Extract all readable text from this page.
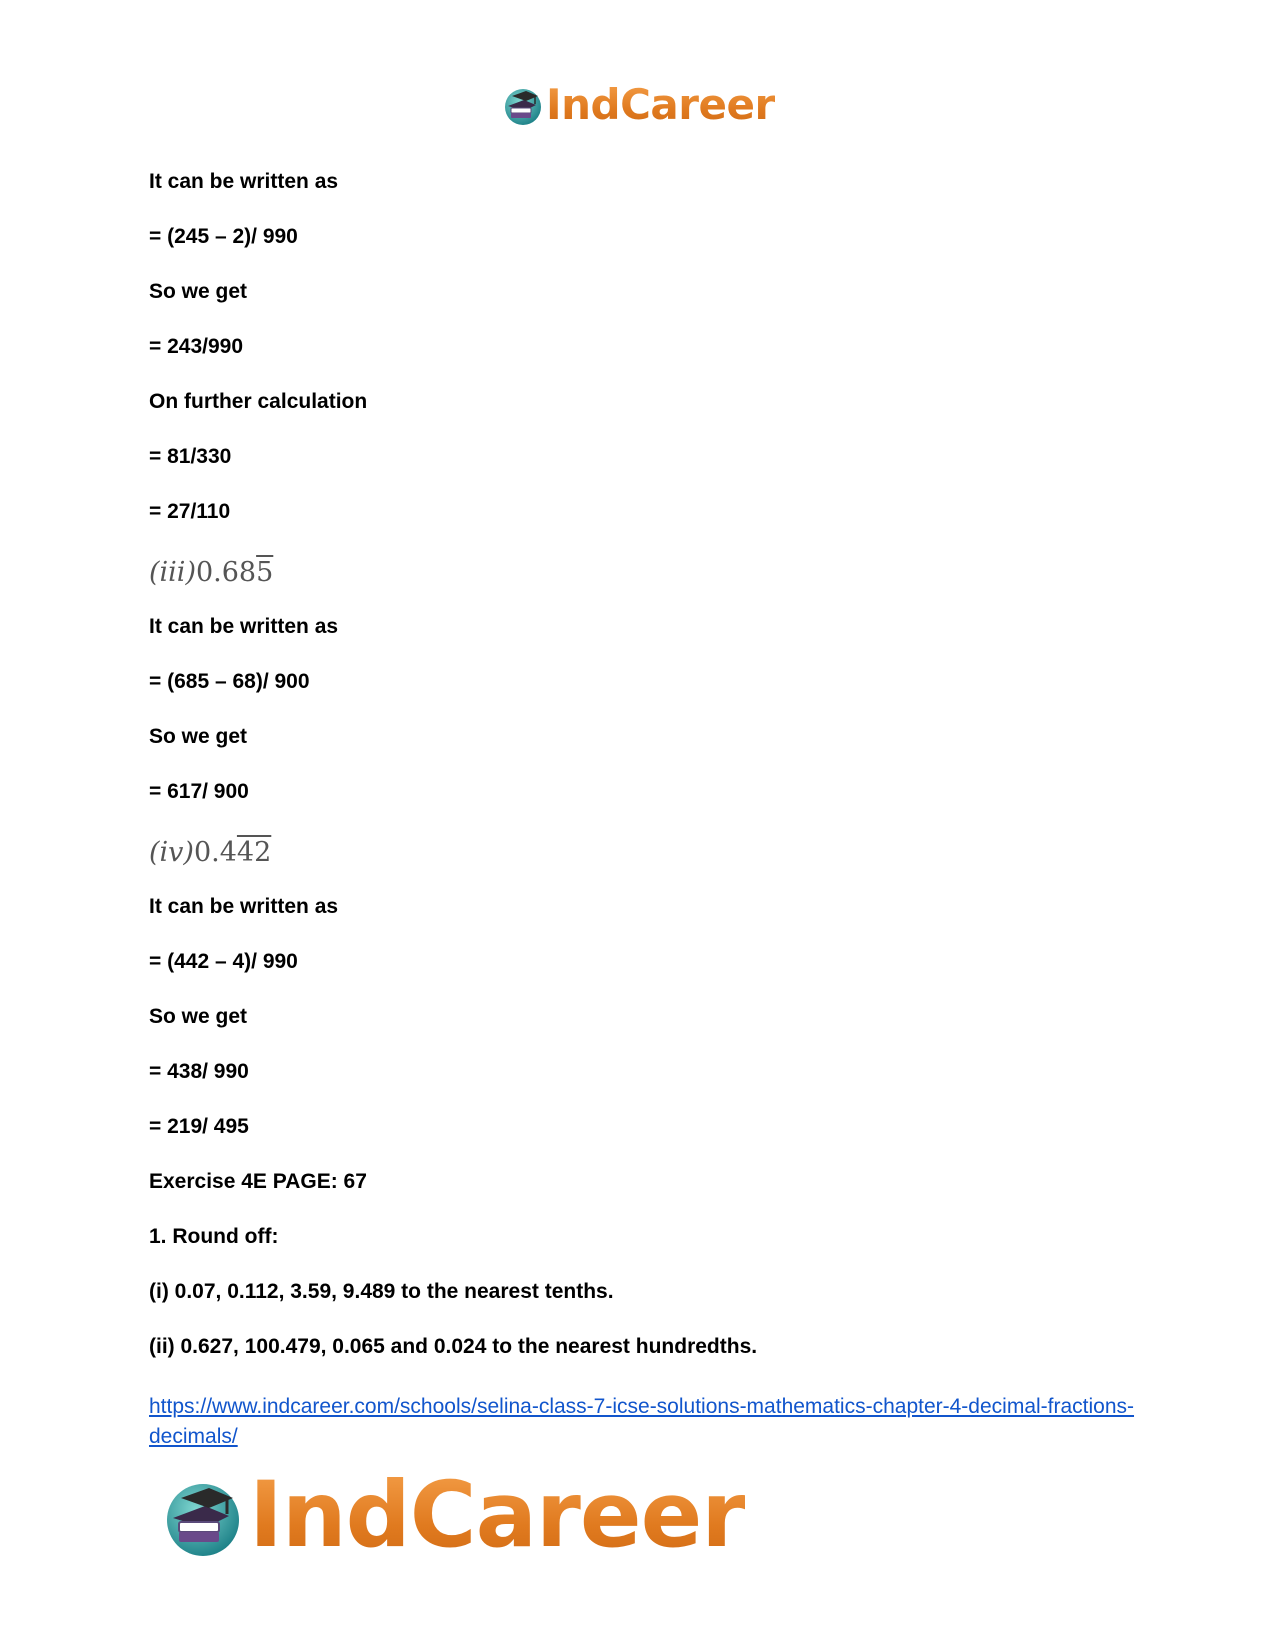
IndCareer
It can be written as
= (245 – 2)/ 990
So we get
= 243/990
On further calculation
= 81/330
= 27/110
(iii)0.685
It can be written as
= (685 – 68)/ 900
So we get
= 617/ 900
(iv)0.442
It can be written as
= (442 – 4)/ 990
So we get
= 438/ 990
= 219/ 495
Exercise 4E PAGE: 67
1. Round off:
(i) 0.07, 0.112, 3.59, 9.489 to the nearest tenths.
(ii) 0.627, 100.479, 0.065 and 0.024 to the nearest hundredths.
https://www.indcareer.com/schools/selina-class-7-icse-solutions-mathematics-chapter-4-decimal-fractions-decimals/
IndCareer
